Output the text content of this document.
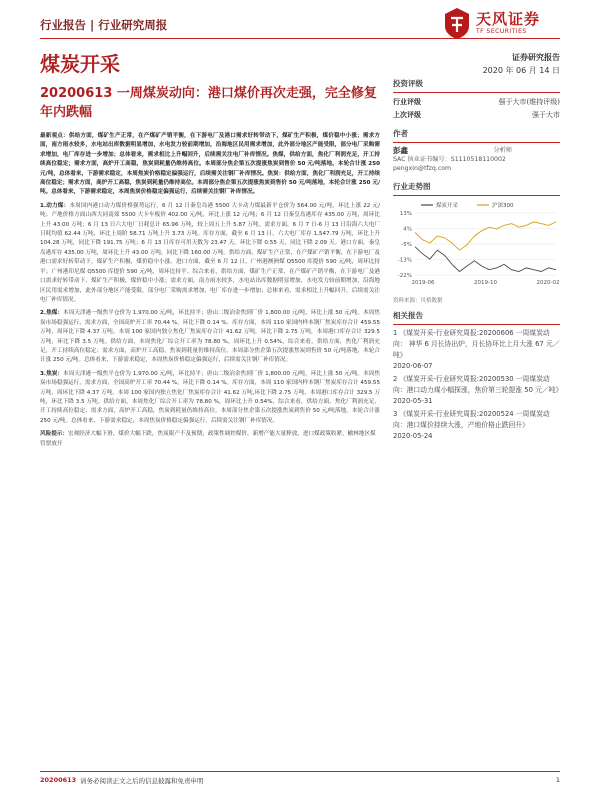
行业报告 | 行业研究周报	天风证券
TF SECURITIES
煤炭开采	证券研究报告
2020 年 06 月 14 日
20200613 一周煤炭动向：港口煤价再次走强，完全修复年内跌幅

最新观点：供给方面，煤矿生产正常，在产煤矿产销平衡，在下游电厂及港口需求好转带动下，煤矿生产积极，煤价稳中小涨；需求方面，南方雨水较多，水电站出库数据明显增加，水电发力较前期增加，沿海地区民用需求增加，此外部分地区产能受限，部分电厂采购需求增加，电厂库存进一步增加；总体看来，需求相比上升幅回升，后续需关注电厂补库情况。焦煤，供给方面，焦化厂利润充足，开工持续高位稳定；需求方面，高炉开工高稳，焦炭到耗量仍维持高位。本周部分焦企第五次提涨焦炭到售价 50 元/吨落地。本轮合计涨 250 元/吨，总体看来，下游需求稳定，本周焦炭价格稳定偏强运行，后续需关注钢厂补库情况。焦炭：供给方面，焦化厂利润充足，开工持续高位稳定；需求方面，高炉开工高稳，焦炭到耗量仍维持高位。本周部分焦企第五次提涨焦炭到售价 50 元/吨落地，本轮合计涨 250 元/吨。总体看来，下游需求稳定，本周焦炭价格稳定偏强运行，后续需关注钢厂补库情况。

1.动力煤：本周国内港口动力煤价格强势运行，6 月 12 日秦皇岛港 5500 大卡动力煤最新平仓价为 564.00 元/吨，环比上涨 22 元/吨；产地价格方面山西大同南郊 5500 大卡车板价 402.00 元/吨，环比上涨 12 元/吨；6 月 12 日秦皇岛港库存 435.00 万吨，周环比上升 43.00 万吨；6 月 13 日六大电厂日耗总计 65.96 万吨，较上周五上升 5.87 万吨。需求方面，6 月 7 日-6 月 13 日沿海六大电厂日耗均值 62.44 万吨，环比上周阶 58.71 万吨上升 3.73 万吨。库存方面，截至 6 月 13 日，六大电厂库存 1,547.79 万吨，环比上升 104.28 万吨，同比下降 191.75 万吨；6 月 13 日库存可用天数为 23.47 天，环比下降 0.55 天，同比下降 2.09 天。港口方面，秦皇岛港库存 435.00 万吨，周环比上升 43.00 万吨，同比下降 160.00 万吨。供给方面，煤矿生产正常，在产煤矿产销平衡，在下游电厂及港口需求好转带动下，煤矿生产积极，煤价稳中小涨。进口方面，截至 6 月 12 日，广州港澳洲煤 Q5500 库提价 590 元/吨，周环比持平；广州港印尼煤 Q5500 库提价 590 元/吨，周环比持平。综合来看，供给方面，煤矿生产正常，在产煤矿产销平衡，在下游电厂及港口需求好转带动下，煤矿生产积极，煤价稳中小涨；需求方面，南方雨水较多，水电站出库数据明显增加，水电发力较前期增加，沿海地区民用需求增加，此外部分地区产能受限，部分电厂采购需求增加，电厂库存进一步增加；总体来看，需求相比上升幅回升，后续需关注电厂补库情况。

2.焦煤：本周天津港一级焦平仓价为 1,970.00 元/吨，环比持平；唐山二级冶金焦到厂价 1,800.00 元/吨，环比上涨 50 元/吨。本周焦炭市场稳强运行，需求方面，全国高炉开工率 70.44 %，环比下降 0.14 %。库存方面，本周 110 家国内样本钢厂焦炭库存合计 459.55 万吨，周环比下降 4.37 万吨。本周 100 家国内独立焦化厂焦炭库存合计 41.62 万吨，环比下降 2.75 万吨，本周港口库存合计 329.5 万吨，环比下降 3.5 万吨。供给方面，本周焦化厂综合开工率为 78.80 %，周环比上升 0.54%，综合来看，供给方面，焦化厂利润充足，开工持续高位稳定；需求方面，高炉开工高稳，焦炭到耗量仍维持高位。本周部分焦企第五次提涨焦炭到售价 50 元/吨落地，本轮合计涨 250 元/吨。总体看来，下游需求稳定，本周焦炭价格稳定偏强运行，后续需关注钢厂补库情况。

3.焦炭：本周天津港一级焦平仓价为 1,970.00 元/吨，环比持平；唐山二级冶金焦到厂价 1,800.00 元/吨，环比上涨 50 元/吨。本周焦炭市场稳强运行，需求方面，全国高炉开工率 70.44 %，环比下降 0.14 %。库存方面，本周 110 家国内样本钢厂焦炭库存合计 459.55 万吨，周环比下降 4.37 万吨。本周 100 家国内独立焦化厂焦炭库存合计 41.62 万吨,环比下降 2.75 万吨，本周港口库存合计 329.5 万吨，环比下降 3.5 万吨。供给方面，本周焦化厂综合开工率为 78.80 %，周环比上升 0.54%，综合来看，供给方面，焦化厂利润充足，开工持续高位稳定；需求方面，高炉开工高稳，焦炭到耗量仍维持高位。本周部分焦企第五次提涨焦炭到售价 50 元/吨落地，本轮合计涨 250 元/吨。总体看来，下游需求稳定，本周焦炭价格稳定偏强运行，后续需关注钢厂补库情况。

风险提示：宏观经济大幅下滑，煤价大幅下跌，焦炭限产不及预期，政策性调控煤价，新增产能大量释放，进口煤政策收紧，榆林地区煤管票放开

投资评级
行业评级	强于大市(维持评级)
上次评级	强于大市
作者
彭鑫	分析师
SAC 执业证书编号：S1110518110002
pengxin@tfzq.com
行业走势图
13%
4%
-5%
-13%
-22%
2019-06	2019-10	2020-02
煤炭开采	沪深300
资料来源：贝格数据
相关报告
1 《煤炭开采-行业研究周报:20200606 一周煤炭动向： 神华 6 月长协出炉，月长协环比上月大涨 67 元／吨》
2020-06-07
2 《煤炭开采-行业研究周报:20200530 一周煤炭动向：港口动力煤小幅探涨，焦价第三轮提涨 50 元／吨》
2020-05-31
3 《煤炭开采-行业研究周报:20200524 一周煤炭动向：港口煤价持续大涨，产地价格止跌回升》
2020-05-24
20200613 请务必阅读正文之后的信息披露和免责申明	1
